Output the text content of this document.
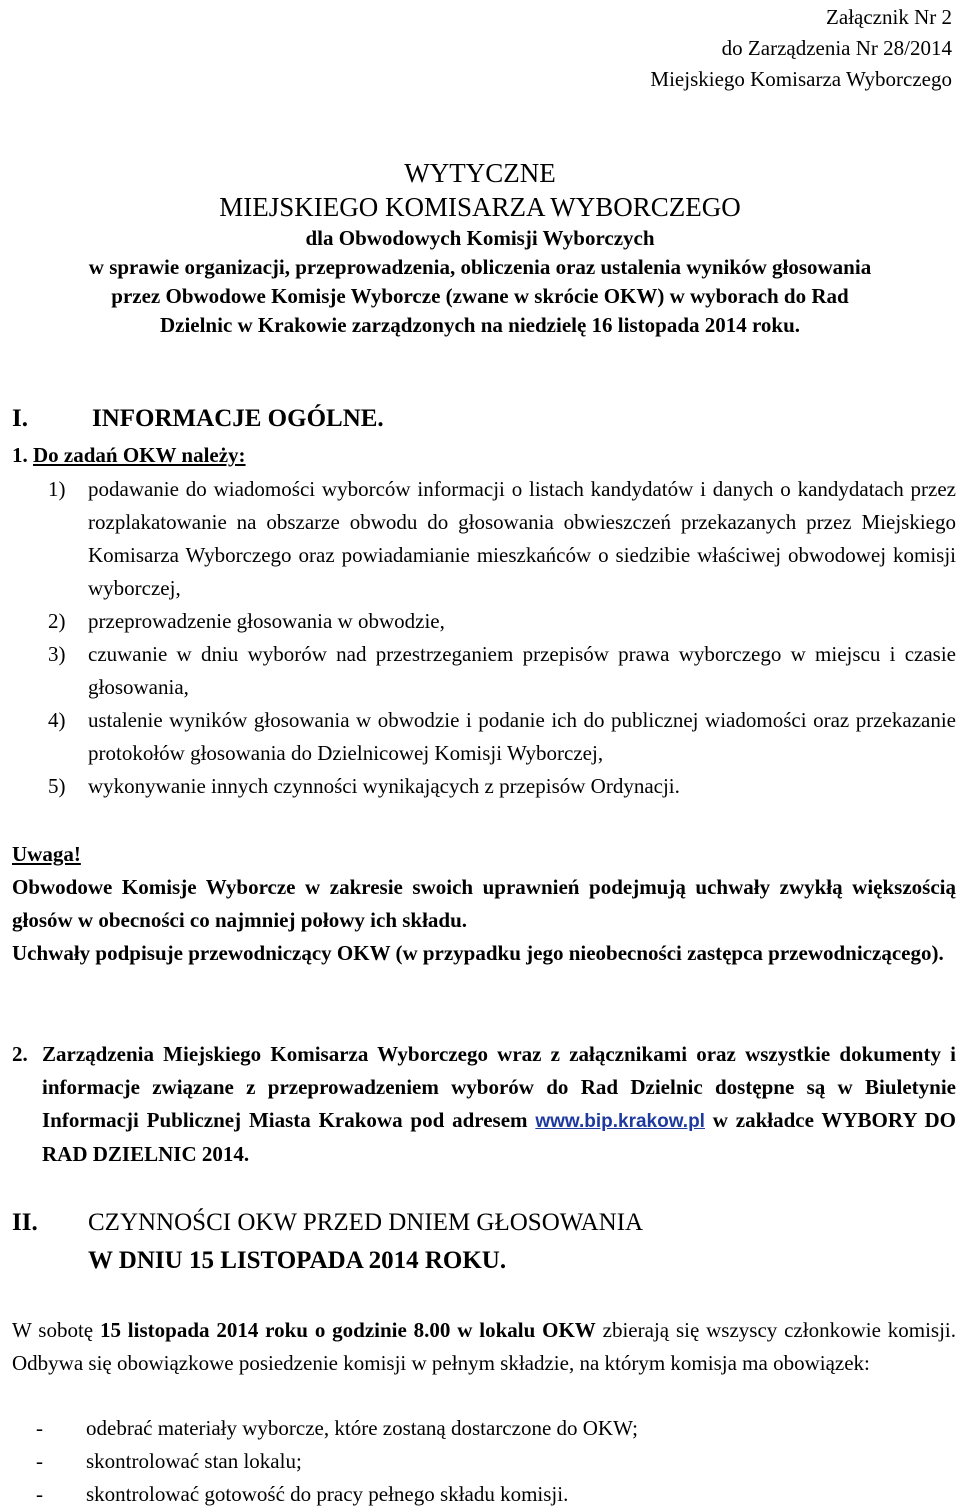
Załącznik Nr 2
do Zarządzenia Nr 28/2014
Miejskiego Komisarza Wyborczego
WYTYCZNE
MIEJSKIEGO KOMISARZA WYBORCZEGO
dla Obwodowych Komisji Wyborczych
w sprawie organizacji, przeprowadzenia, obliczenia oraz ustalenia wyników głosowania
przez Obwodowe Komisje Wyborcze (zwane w skrócie OKW) w wyborach do Rad
Dzielnic w Krakowie zarządzonych na niedzielę 16 listopada 2014 roku.
I.	INFORMACJE OGÓLNE.
1. Do zadań OKW należy:
1)	podawanie do wiadomości wyborców informacji o listach kandydatów i danych o kandydatach przez rozplakatowanie na obszarze obwodu do głosowania obwieszczeń przekazanych przez Miejskiego Komisarza Wyborczego oraz powiadamianie mieszkańców o siedzibie właściwej obwodowej komisji wyborczej,
2)	przeprowadzenie głosowania w obwodzie,
3)	czuwanie w dniu wyborów nad przestrzeganiem przepisów prawa wyborczego w miejscu i czasie głosowania,
4)	ustalenie wyników głosowania w obwodzie i podanie ich do publicznej wiadomości oraz przekazanie protokołów głosowania do Dzielnicowej Komisji Wyborczej,
5)	wykonywanie innych czynności wynikających z przepisów Ordynacji.

Uwaga!

Obwodowe Komisje Wyborcze w zakresie swoich uprawnień podejmują uchwały zwykłą większością głosów w obecności co najmniej połowy ich składu.

Uchwały podpisuje przewodniczący OKW (w przypadku jego nieobecności zastępca przewodniczącego).

2. Zarządzenia Miejskiego Komisarza Wyborczego wraz z załącznikami oraz wszystkie dokumenty i informacje związane z przeprowadzeniem wyborów do Rad Dzielnic dostępne są w Biuletynie Informacji Publicznej Miasta Krakowa pod adresem www.bip.krakow.pl w zakładce WYBORY DO RAD DZIELNIC 2014.
II. CZYNNOŚCI OKW PRZED DNIEM GŁOSOWANIA
W DNIU 15 LISTOPADA 2014 ROKU.
W sobotę 15 listopada 2014 roku o godzinie 8.00 w lokalu OKW zbierają się wszyscy członkowie komisji. Odbywa się obowiązkowe posiedzenie komisji w pełnym składzie, na którym komisja ma obowiązek:
-	odebrać materiały wyborcze, które zostaną dostarczone do OKW;
-	skontrolować stan lokalu;
-	skontrolować gotowość do pracy pełnego składu komisji.
